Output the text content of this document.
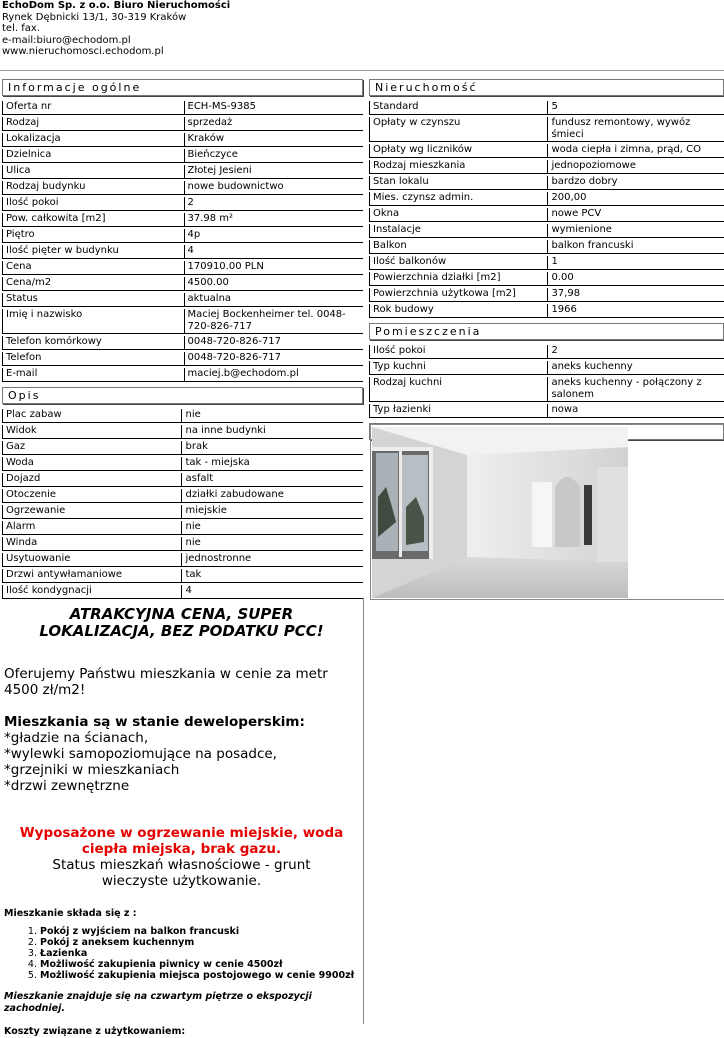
EchoDom Sp. z o.o. Biuro Nieruchomości
Rynek Dębnicki 13/1, 30-319 Kraków
tel. fax.
e-mail:biuro@echodom.pl
www.nieruchomosci.echodom.pl
Informacje ogólne
Oferta nr	ECH-MS-9385
Rodzaj	sprzedaż
Lokalizacja	Kraków
Dzielnica	Bieńczyce
Ulica	Złotej Jesieni
Rodzaj budynku	nowe budownictwo
Ilość pokoi	2
Pow. całkowita [m2]	37.98 m²
Piętro	4p
Ilość pięter w budynku	4
Cena	170910.00 PLN
Cena/m2	4500.00
Status	aktualna
Imię i nazwisko	Maciej Bockenheimer tel. 0048-720-826-717
Telefon komórkowy	0048-720-826-717
Telefon	0048-720-826-717
E-mail	maciej.b@echodom.pl
Opis
Plac zabaw	nie
Widok	na inne budynki
Gaz	brak
Woda	tak - miejska
Dojazd	asfalt
Otoczenie	działki zabudowane
Ogrzewanie	miejskie
Alarm	nie
Winda	nie
Usytuowanie	jednostronne
Drzwi antywłamaniowe	tak
Ilość kondygnacji	4
Nieruchomość
Standard	5
Opłaty w czynszu	fundusz remontowy, wywóz śmieci
Opłaty wg liczników	woda ciepła i zimna, prąd, CO
Rodzaj mieszkania	jednopoziomowe
Stan lokalu	bardzo dobry
Mies. czynsz admin.	200,00
Okna	nowe PCV
Instalacje	wymienione
Balkon	balkon francuski
Ilość balkonów	1
Powierzchnia działki [m2]	0.00
Powierzchnia użytkowa [m2]	37,98
Rok budowy	1966
Pomieszczenia
Ilość pokoi	2
Typ kuchni	aneks kuchenny
Rodzaj kuchni	aneks kuchenny - połączony z salonem
Typ łazienki	nowa

ATRAKCYJNA CENA, SUPER LOKALIZACJA, BEZ PODATKU PCC!

Oferujemy Państwu mieszkania w cenie za metr 4500 zł/m2!

Mieszkania są w stanie deweloperskim:

*gładzie na ścianach,

*wylewki samopoziomujące na posadce,

*grzejniki w mieszkaniach

*drzwi zewnętrzne

Wyposażone w ogrzewanie miejskie, woda ciepła miejska, brak gazu.

Status mieszkań własnościowe - grunt wieczyste użytkowanie.

Mieszkanie składa się z :

1. Pokój z wyjściem na balkon francuski
2. Pokój z aneksem kuchennym
3. Łazienka
4. Możliwość zakupienia piwnicy w cenie 4500zł
5. Możliwość zakupienia miejsca postojowego w cenie 9900zł

Mieszkanie znajduje się na czwartym piętrze o ekspozycji zachodniej.

Koszty związane z użytkowaniem:
